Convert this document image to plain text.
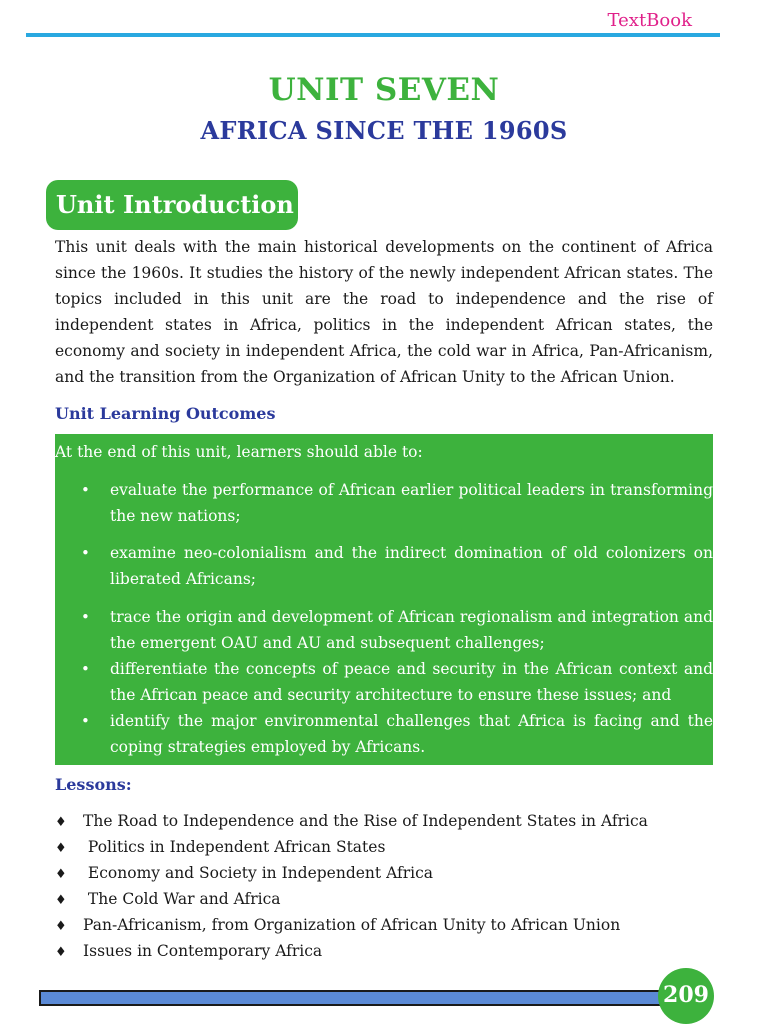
TextBook
UNIT SEVEN
AFRICA SINCE THE 1960S
Unit Introduction
This unit deals with the main historical developments on the continent of Africa since the 1960s. It studies the history of the newly independent African states. The topics included in this unit are the road to independence and the rise of independent states in Africa, politics in the independent African states, the economy and society in independent Africa, the cold war in Africa, Pan-Africanism, and the transition from the Organization of African Unity to the African Union.
Unit Learning Outcomes
At the end of this unit, learners should able to:
• evaluate the performance of African earlier political leaders in transforming the new nations;
• examine neo-colonialism and the indirect domination of old colonizers on liberated Africans;
• trace the origin and development of African regionalism and integration and the emergent OAU and AU and subsequent challenges;
• differentiate the concepts of peace and security in the African context and the African peace and security architecture to ensure these issues; and
• identify the major environmental challenges that Africa is facing and the coping strategies employed by Africans.
Lessons:
♦ The Road to Independence and the Rise of Independent States in Africa
♦ Politics in Independent African States
♦ Economy and Society in Independent Africa
♦ The Cold War and Africa
♦ Pan-Africanism, from Organization of African Unity to African Union
♦ Issues in Contemporary Africa
209
